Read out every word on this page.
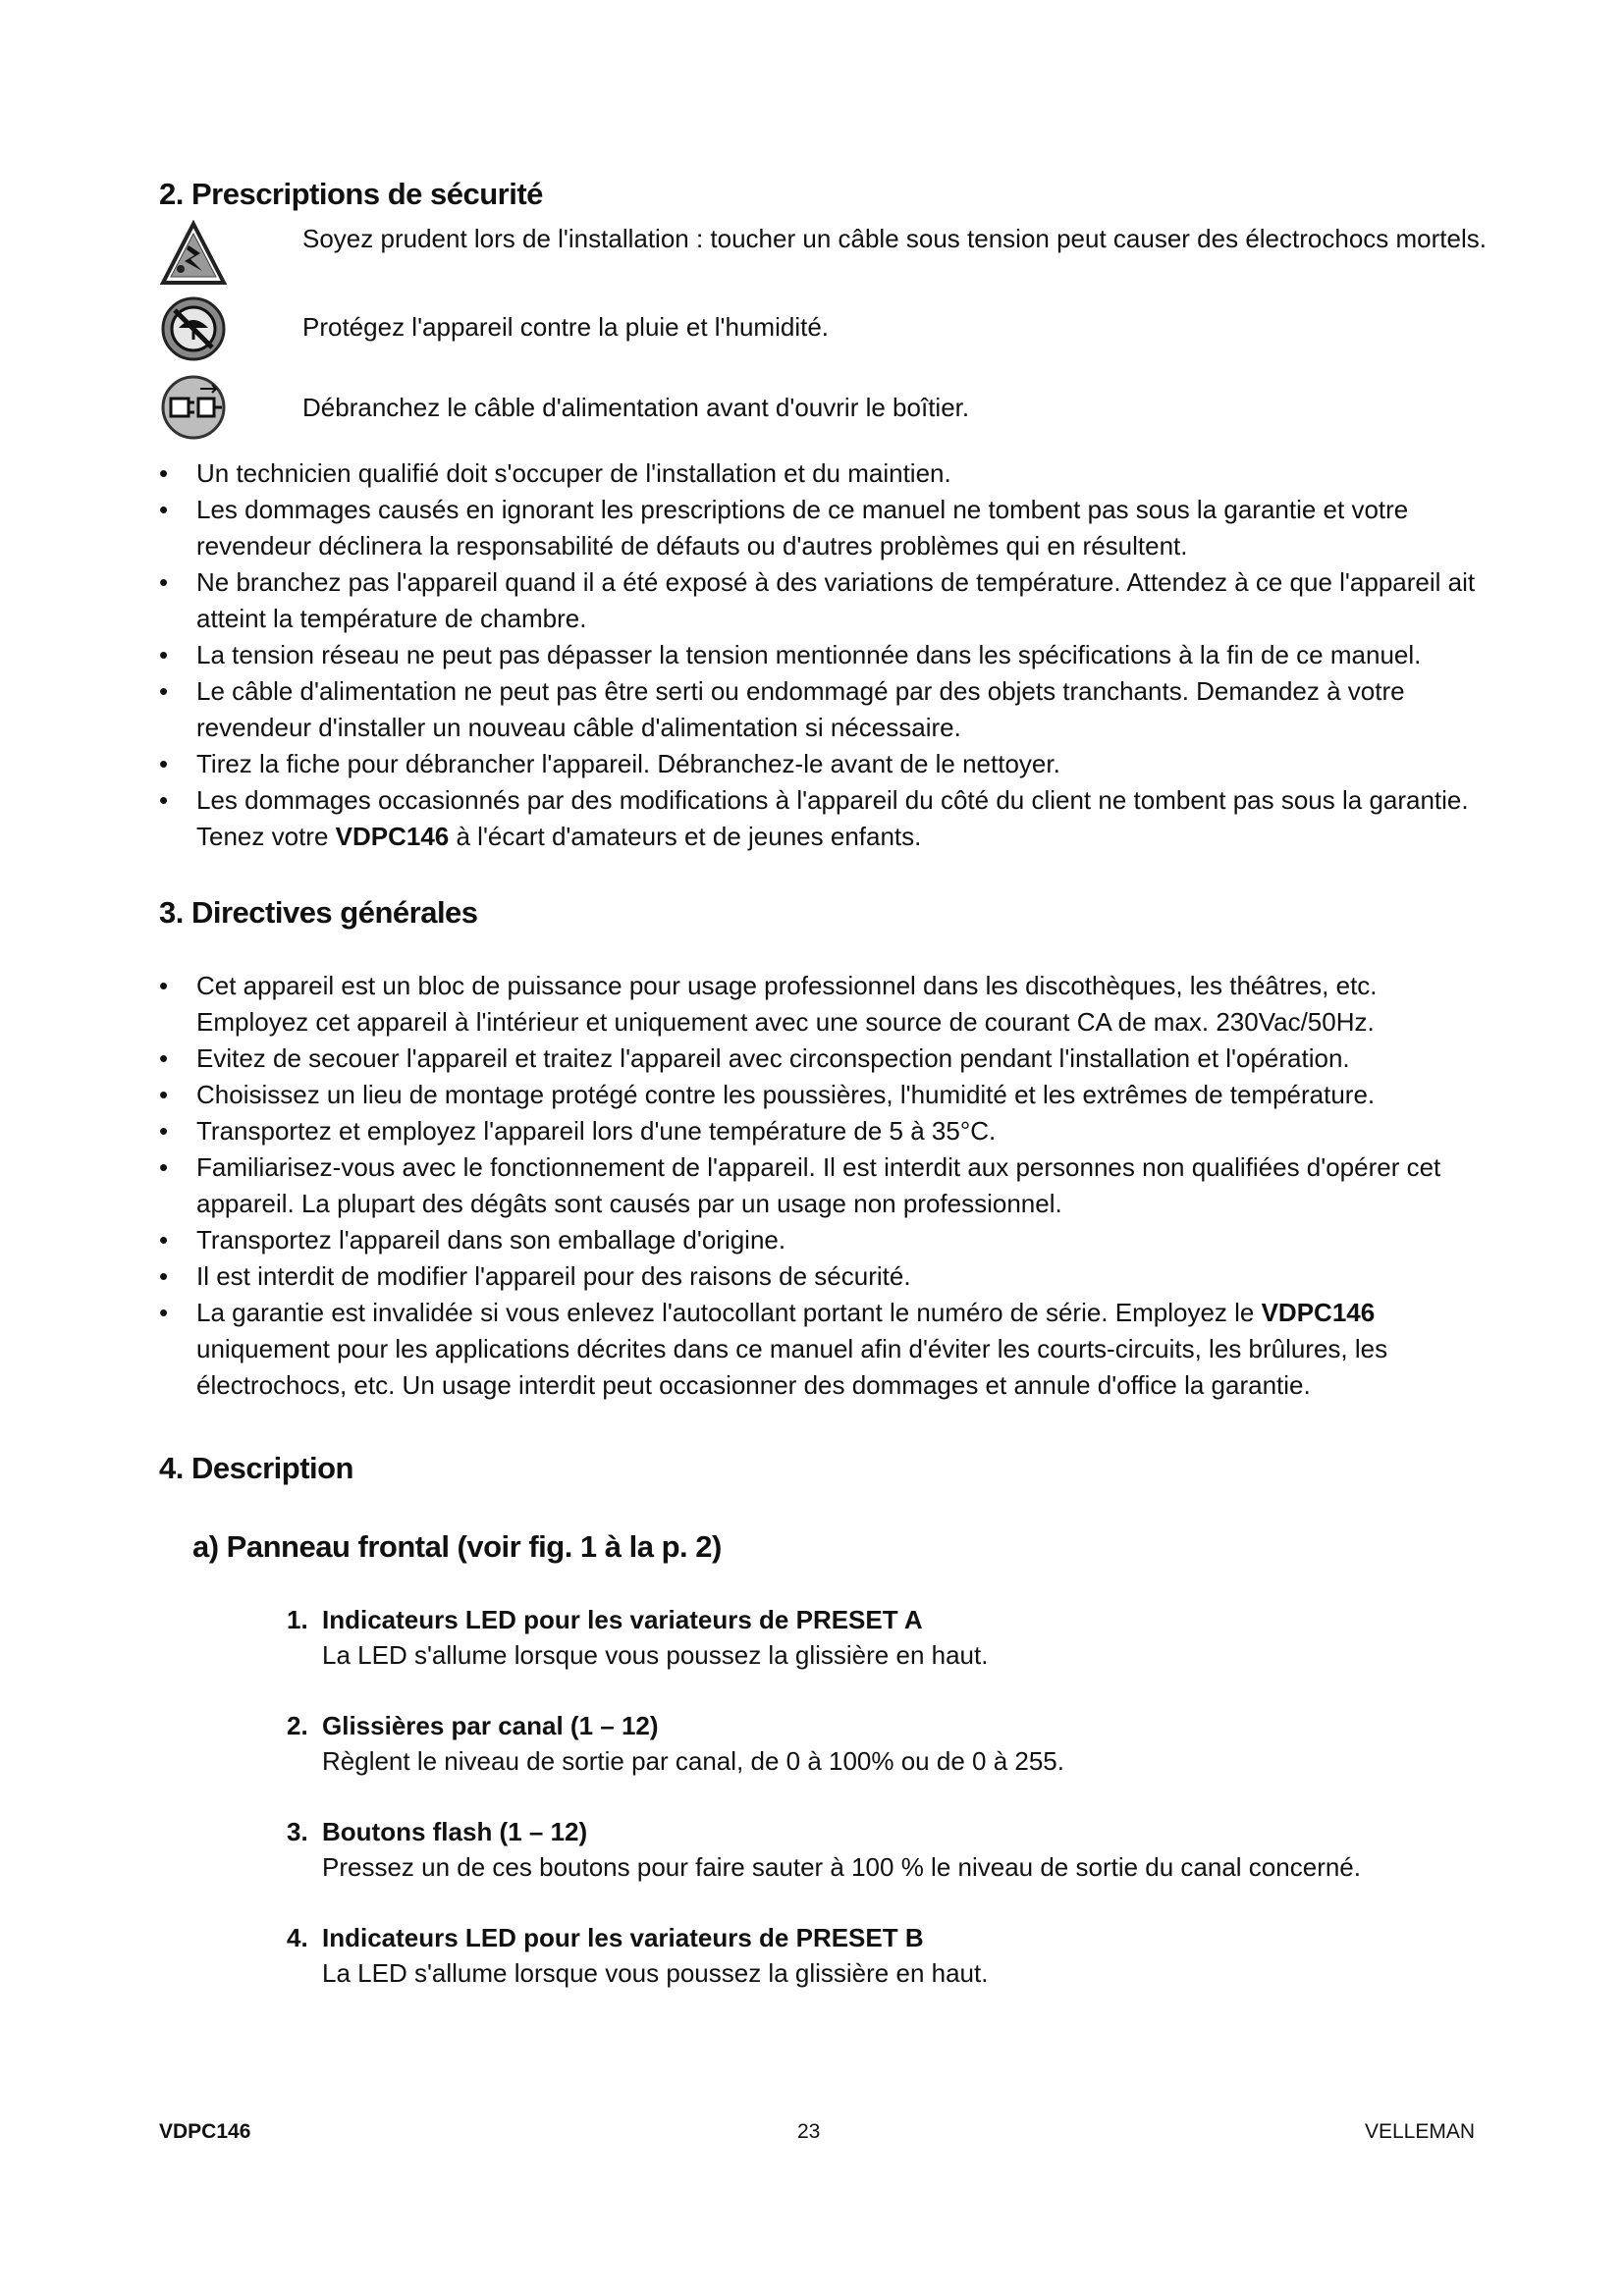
2. Prescriptions de sécurité
Soyez prudent lors de l'installation : toucher un câble sous tension peut causer des électrochocs mortels.
Protégez l'appareil contre la pluie et l'humidité.
Débranchez le câble d'alimentation avant d'ouvrir le boîtier.
• Un technicien qualifié doit s'occuper de l'installation et du maintien.
• Les dommages causés en ignorant les prescriptions de ce manuel ne tombent pas sous la garantie et votre revendeur déclinera la responsabilité de défauts ou d'autres problèmes qui en résultent.
• Ne branchez pas l'appareil quand il a été exposé à des variations de température. Attendez à ce que l'appareil ait atteint la température de chambre.
• La tension réseau ne peut pas dépasser la tension mentionnée dans les spécifications à la fin de ce manuel.
• Le câble d'alimentation ne peut pas être serti ou endommagé par des objets tranchants. Demandez à votre revendeur d'installer un nouveau câble d'alimentation si nécessaire.
• Tirez la fiche pour débrancher l'appareil. Débranchez-le avant de le nettoyer.
• Les dommages occasionnés par des modifications à l'appareil du côté du client ne tombent pas sous la garantie.
Tenez votre VDPC146 à l'écart d'amateurs et de jeunes enfants.
3. Directives générales
• Cet appareil est un bloc de puissance pour usage professionnel dans les discothèques, les théâtres, etc. Employez cet appareil à l'intérieur et uniquement avec une source de courant CA de max. 230Vac/50Hz.
• Evitez de secouer l'appareil et traitez l'appareil avec circonspection pendant l'installation et l'opération.
• Choisissez un lieu de montage protégé contre les poussières, l'humidité et les extrêmes de température.
• Transportez et employez l'appareil lors d'une température de 5 à 35°C.
• Familiarisez-vous avec le fonctionnement de l'appareil. Il est interdit aux personnes non qualifiées d'opérer cet appareil. La plupart des dégâts sont causés par un usage non professionnel.
• Transportez l'appareil dans son emballage d'origine.
• Il est interdit de modifier l'appareil pour des raisons de sécurité.
• La garantie est invalidée si vous enlevez l'autocollant portant le numéro de série. Employez le VDPC146 uniquement pour les applications décrites dans ce manuel afin d'éviter les courts-circuits, les brûlures, les électrochocs, etc. Un usage interdit peut occasionner des dommages et annule d'office la garantie.
4. Description
a) Panneau frontal (voir fig. 1 à la p. 2)

1. Indicateurs LED pour les variateurs de PRESET A

La LED s'allume lorsque vous poussez la glissière en haut.

2. Glissières par canal (1 – 12)

Règlent le niveau de sortie par canal, de 0 à 100% ou de 0 à 255.

3. Boutons flash (1 – 12)

Pressez un de ces boutons pour faire sauter à 100 % le niveau de sortie du canal concerné.

4. Indicateurs LED pour les variateurs de PRESET B

La LED s'allume lorsque vous poussez la glissière en haut.

VDPC146	23	VELLEMAN
